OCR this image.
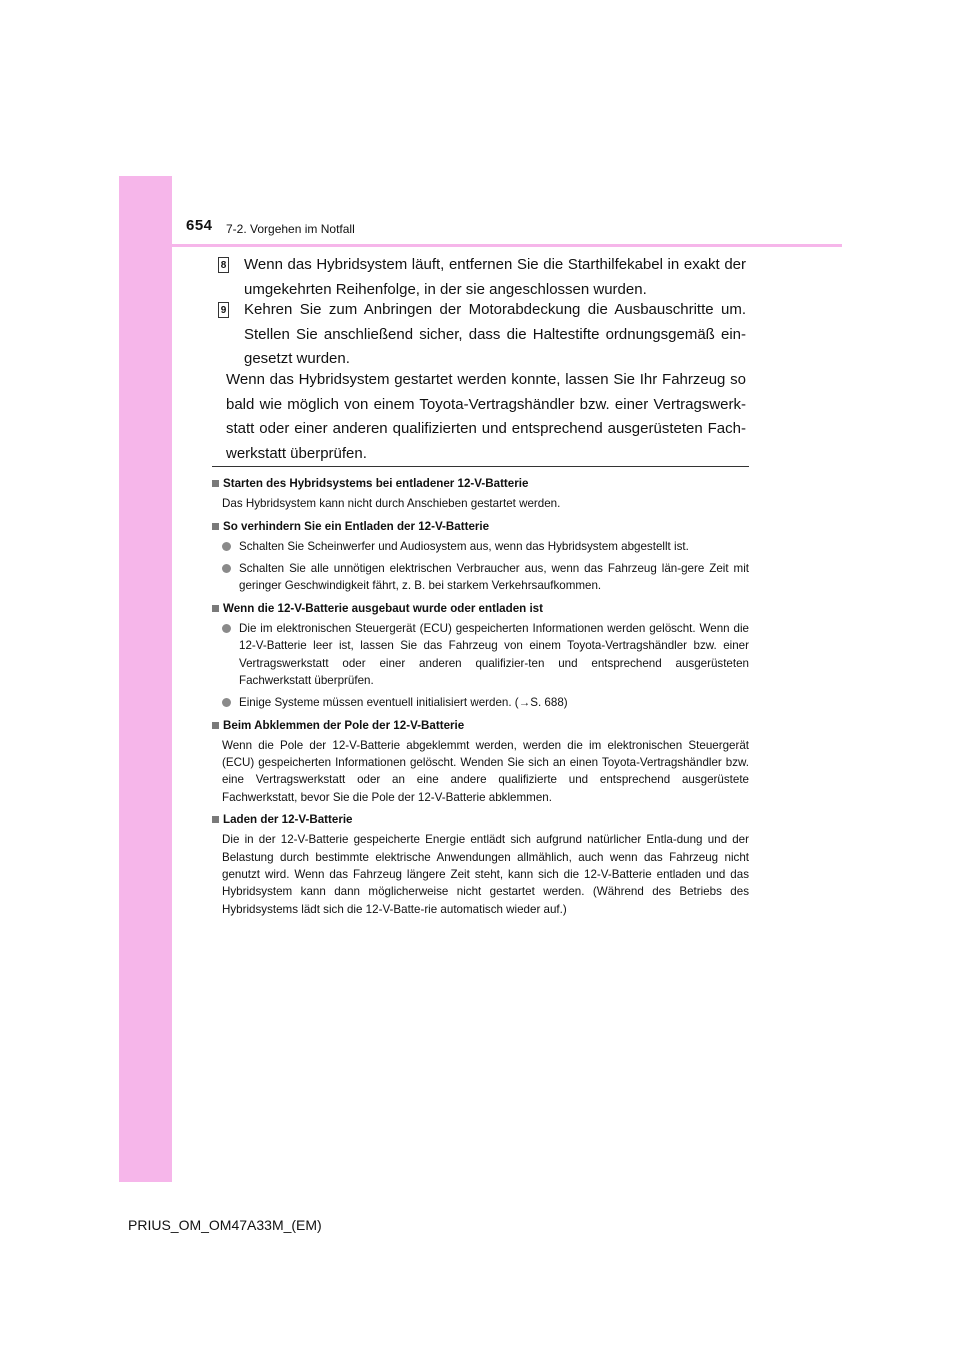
654 7-2. Vorgehen im Notfall
8 Wenn das Hybridsystem läuft, entfernen Sie die Starthilfekabel in exakt der umgekehrten Reihenfolge, in der sie angeschlossen wurden.
9 Kehren Sie zum Anbringen der Motorabdeckung die Ausbauschritte um. Stellen Sie anschließend sicher, dass die Haltestifte ordnungsgemäß ein-gesetzt wurden.
Wenn das Hybridsystem gestartet werden konnte, lassen Sie Ihr Fahrzeug so bald wie möglich von einem Toyota-Vertragshändler bzw. einer Vertragswerk-statt oder einer anderen qualifizierten und entsprechend ausgerüsteten Fach-werkstatt überprüfen.

Starten des Hybridsystems bei entladener 12-V-Batterie

Das Hybridsystem kann nicht durch Anschieben gestartet werden.

So verhindern Sie ein Entladen der 12-V-Batterie

Schalten Sie Scheinwerfer und Audiosystem aus, wenn das Hybridsystem abgestellt ist.
Schalten Sie alle unnötigen elektrischen Verbraucher aus, wenn das Fahrzeug län-gere Zeit mit geringer Geschwindigkeit fährt, z. B. bei starkem Verkehrsaufkommen.

Wenn die 12-V-Batterie ausgebaut wurde oder entladen ist

Die im elektronischen Steuergerät (ECU) gespeicherten Informationen werden gelöscht. Wenn die 12-V-Batterie leer ist, lassen Sie das Fahrzeug von einem Toyota-Vertragshändler bzw. einer Vertragswerkstatt oder einer anderen qualifizier-ten und entsprechend ausgerüsteten Fachwerkstatt überprüfen.
Einige Systeme müssen eventuell initialisiert werden. (→S. 688)

Beim Abklemmen der Pole der 12-V-Batterie

Wenn die Pole der 12-V-Batterie abgeklemmt werden, werden die im elektronischen Steuergerät (ECU) gespeicherten Informationen gelöscht. Wenden Sie sich an einen Toyota-Vertragshändler bzw. eine Vertragswerkstatt oder an eine andere qualifizierte und entsprechend ausgerüstete Fachwerkstatt, bevor Sie die Pole der 12-V-Batterie abklemmen.

Laden der 12-V-Batterie

Die in der 12-V-Batterie gespeicherte Energie entlädt sich aufgrund natürlicher Entla-dung und der Belastung durch bestimmte elektrische Anwendungen allmählich, auch wenn das Fahrzeug nicht genutzt wird. Wenn das Fahrzeug längere Zeit steht, kann sich die 12-V-Batterie entladen und das Hybridsystem kann dann möglicherweise nicht gestartet werden. (Während des Betriebs des Hybridsystems lädt sich die 12-V-Batte-rie automatisch wieder auf.)

PRIUS_OM_OM47A33M_(EM)
